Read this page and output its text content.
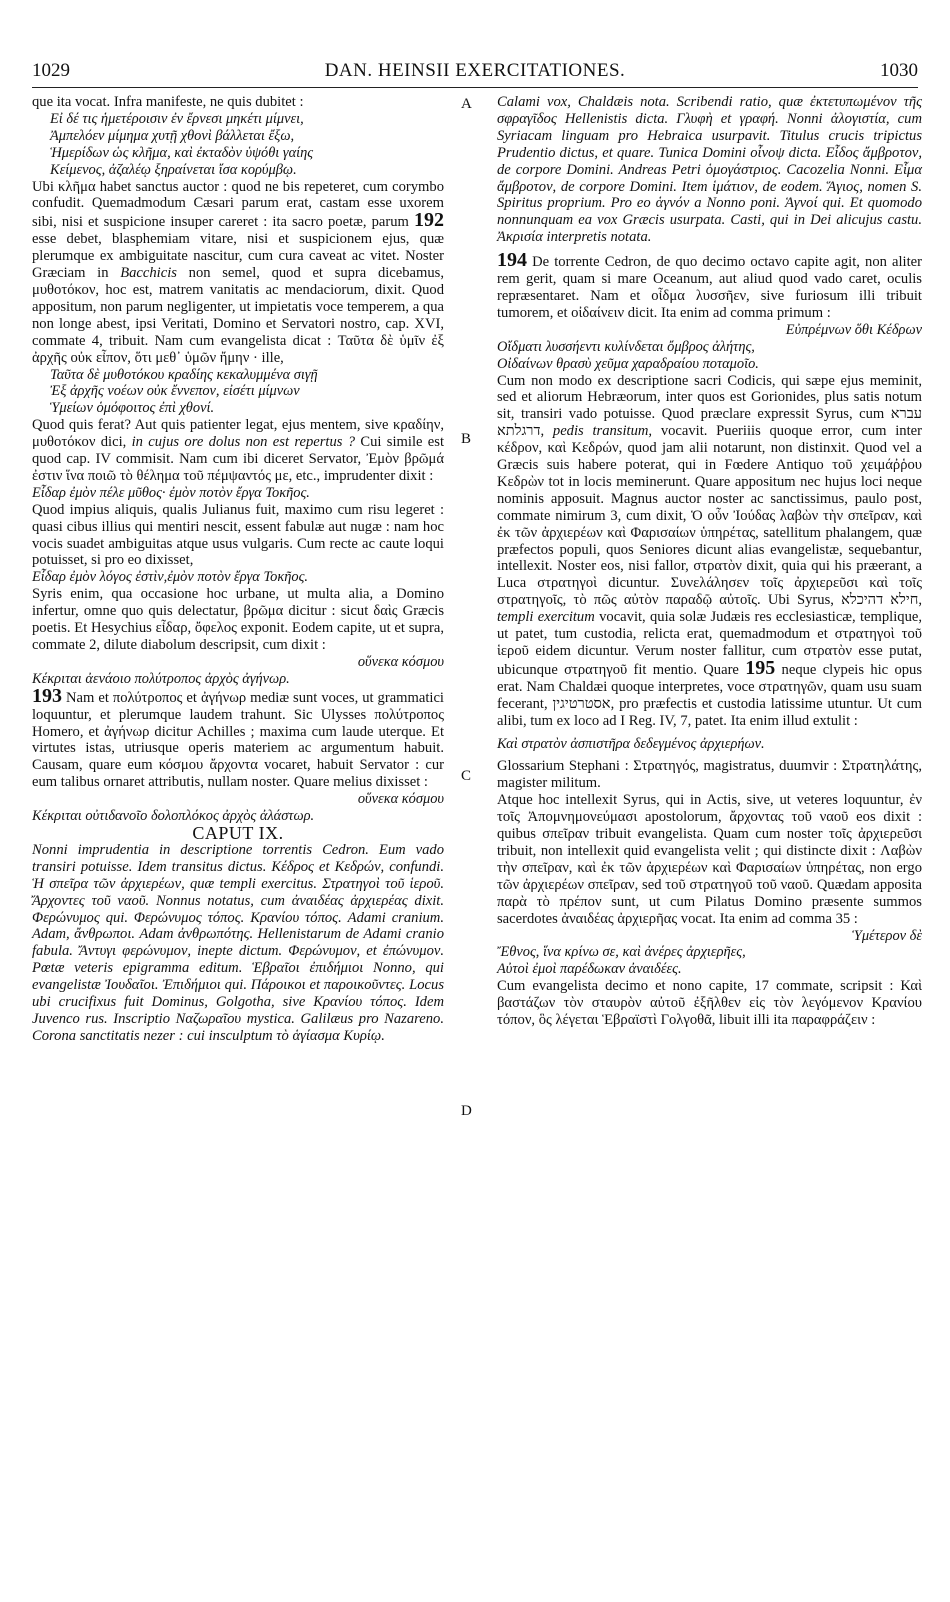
1029	DAN. HEINSII EXERCITATIONES.	1030
A
B
C
D

que ita vocat. Infra manifeste, ne quis dubitet :

Εἰ δέ τις ἡμετέροισιν ἐν ἔρνεσι μηκέτι μίμνει,

Ἀμπελόεν μίμημα χυτῇ χθονὶ βάλλεται ἔξω,

Ἡμερίδων ὡς κλῆμα, καὶ ἐκταδὸν ὑψόθι γαίης

Κείμενος, ἀζαλέῳ ξηραίνεται ἴσα κορύμβῳ.

Ubi κλῆμα habet sanctus auctor : quod ne bis repeteret, cum corymbo confudit. Quemadmodum Cæsari parum erat, castam esse uxorem sibi, nisi et suspicione insuper careret : ita sacro poetæ, parum 192 esse debet, blasphemiam vitare, nisi et suspicionem ejus, quæ plerumque ex ambiguitate nascitur, cum cura caveat ac vitet. Noster Græciam in Bacchicis non semel, quod et supra dicebamus, μυθοτόκον, hoc est, matrem vanitatis ac mendaciorum, dixit. Quod appositum, non parum negligenter, ut impietatis voce temperem, a qua non longe abest, ipsi Veritati, Domino et Servatori nostro, cap. XVI, commate 4, tribuit. Nam cum evangelista dicat : Ταῦτα δὲ ὑμῖν ἐξ ἀρχῆς οὐκ εἶπον, ὅτι μεθ᾽ ὑμῶν ἤμην · ille,

Ταῦτα δὲ μυθοτόκου κραδίης κεκαλυμμένα σιγῇ

Ἐξ ἀρχῆς νοέων οὐκ ἔννεπον, εἰσέτι μίμνων

Ὑμείων ὁμόφοιτος ἐπὶ χθονί.

Quod quis ferat? Aut quis patienter legat, ejus mentem, sive κραδίην, μυθοτόκον dici, in cujus ore dolus non est repertus ? Cui simile est quod cap. IV commisit. Nam cum ibi diceret Servator, Ἐμὸν βρῶμά ἐστιν ἵνα ποιῶ τὸ θέλημα τοῦ πέμψαντός με, etc., imprudenter dixit :

Εἶδαρ ἐμὸν πέλε μῦθος· ἐμὸν ποτὸν ἔργα Τοκῆος.

Quod impius aliquis, qualis Julianus fuit, maximo cum risu legeret : quasi cibus illius qui mentiri nescit, essent fabulæ aut nugæ : nam hoc vocis suadet ambiguitas atque usus vulgaris. Cum recte ac caute loqui potuisset, si pro eo dixisset,

Εἶδαρ ἐμὸν λόγος ἐστὶν,ἐμὸν ποτὸν ἔργα Τοκῆος.

Syris enim, qua occasione hoc urbane, ut multa alia, a Domino infertur, omne quo quis delectatur, βρῶμα dicitur : sicut δαὶς Græcis poetis. Et Hesychius εἶδαρ, ὄφελος exponit. Eodem capite, ut et supra, commate 2, dilute diabolum descripsit, cum dixit :

οὕνεκα κόσμου

Κέκριται ἀενάοιο πολύτροπος ἀρχὸς ἀγήνωρ.

193 Nam et πολύτροπος et ἀγήνωρ mediæ sunt voces, ut grammatici loquuntur, et plerumque laudem trahunt. Sic Ulysses πολύτροπος Homero, et ἀγήνωρ dicitur Achilles ; maxima cum laude uterque. Et virtutes istas, utriusque operis materiem ac argumentum habuit. Causam, quare eum κόσμου ἄρχοντα vocaret, habuit Servator : cur eum talibus ornaret attributis, nullam noster. Quare melius dixisset :

οὕνεκα κόσμου

Κέκριται οὐτιδανοῖο δολοπλόκος ἀρχὸς ἀλάστωρ.

CAPUT IX.

Nonni imprudentia in descriptione torrentis Cedron. Eum vado transiri potuisse. Idem transitus dictus. Κέδρος et Κεδρών, confundi. Ἡ σπεῖρα τῶν ἀρχιερέων, quæ templi exercitus. Στρατηγοὶ τοῦ ἱεροῦ. Ἄρχοντες τοῦ ναοῦ. Nonnus notatus, cum ἀναιδέας ἀρχιερέας dixit. Φερώνυμος qui. Φερώνυμος τόπος. Κρανίου τόπος. Adami cranium. Adam, ἄνθρωποι. Adam ἀνθρωπότης. Hellenistarum de Adami cranio fabula. Ἄντυγι φερώνυμον, inepte dictum. Φερώνυμον, et ἐπώνυμον. Pœtæ veteris epigramma editum. Ἑβραῖοι ἐπιδήμιοι Nonno, qui evangelistæ Ἰουδαῖοι. Ἐπιδήμιοι qui. Πάροικοι et παροικοῦντες. Locus ubi crucifixus fuit Dominus, Golgotha, sive Κρανίου τόπος. Idem Juvenco rus. Inscriptio Ναζωραῖου mystica. Galilæus pro Nazareno. Corona sanctitatis nezer : cui insculptum τὸ ἁγίασμα Κυρίῳ.

Calami vox, Chaldæis nota. Scribendi ratio, quæ ἐκτετυπωμένον τῆς σφραγῖδος Hellenistis dicta. Γλυφὴ et γραφή. Nonni ἀλογιστία, cum Syriacam linguam pro Hebraica usurpavit. Titulus crucis tripictus Prudentio dictus, et quare. Tunica Domini οἶνοψ dicta. Εἶδος ἄμβροτον, de corpore Domini. Andreas Petri ὁμογάστριος. Cacozelia Nonni. Εἷμα ἄμβροτον, de corpore Domini. Item ἱμάτιον, de eodem. Ἅγιος, nomen S. Spiritus proprium. Pro eo ἁγνόν a Nonno poni. Ἁγνοί qui. Et quomodo nonnunquam ea vox Græcis usurpata. Casti, qui in Dei alicujus castu. Ἀκρισία interpretis notata.

194 De torrente Cedron, de quo decimo octavo capite agit, non aliter rem gerit, quam si mare Oceanum, aut aliud quod vado caret, oculis repræsentaret. Nam et οἶδμα λυσσῆεν, sive furiosum illi tribuit tumorem, et οἰδαίνειν dicit. Ita enim ad comma primum :

Εὐπρέμνων ὅθι Κέδρων

Οἴδματι λυσσήεντι κυλίνδεται ὄμβρος ἀλήτης,

Οἰδαίνων θρασὺ χεῦμα χαραδραίου ποταμοῖο.

Cum non modo ex descriptione sacri Codicis, qui sæpe ejus meminit, sed et aliorum Hebræorum, inter quos est Gorionides, plus satis notum sit, transiri vado potuisse. Quod præclare expressit Syrus, cum עברא דרגלתא, pedis transitum, vocavit. Pueriiis quoque error, cum inter κέδρον, καὶ Κεδρών, quod jam alii notarunt, non distinxit. Quod vel a Græcis suis habere poterat, qui in Fœdere Antiquo τοῦ χειμάῤῥου Κεδρὼν tot in locis meminerunt. Quare appositum nec hujus loci neque nominis apposuit. Magnus auctor noster ac sanctissimus, paulo post, commate nimirum 3, cum dixit, Ὁ οὖν Ἰούδας λαβὼν τὴν σπεῖραν, καὶ ἐκ τῶν ἀρχιερέων καὶ Φαρισαίων ὑπηρέτας, satellitum phalangem, quæ præfectos populi, quos Seniores dicunt alias evangelistæ, sequebantur, intellexit. Noster eos, nisi fallor, στρατὸν dixit, quia qui his præerant, a Luca στρατηγοὶ dicuntur. Συνελάλησεν τοῖς ἀρχιερεῦσι καὶ τοῖς στρατηγοῖς, τὸ πῶς αὐτὸν παραδῷ αὐτοῖς. Ubi Syrus, חילא דהיכלא, templi exercitum vocavit, quia solæ Judæis res ecclesiasticæ, templique, ut patet, tum custodia, relicta erat, quemadmodum et στρατηγοὶ τοῦ ἱεροῦ eidem dicuntur. Verum noster fallitur, cum στρατὸν esse putat, ubicunque στρατηγοῦ fit mentio. Quare 195 neque clypeis hic opus erat. Nam Chaldæi quoque interpretes, voce στρατηγῶν, quam usu suam fecerant, אסטרטיגין, pro præfectis et custodia latissime utuntur. Ut cum alibi, tum ex loco ad I Reg. IV, 7, patet. Ita enim illud extulit :

Καὶ στρατὸν ἀσπιστῆρα δεδεγμένος ἀρχιερήων.

Glossarium Stephani : Στρατηγός, magistratus, duumvir : Στρατηλάτης, magister militum.

Atque hoc intellexit Syrus, qui in Actis, sive, ut veteres loquuntur, ἐν τοῖς Ἀπομνημονεύμασι apostolorum, ἄρχοντας τοῦ ναοῦ eos dixit : quibus σπεῖραν tribuit evangelista. Quam cum noster τοῖς ἀρχιερεῦσι tribuit, non intellexit quid evangelista velit ; qui distincte dixit : Λαβὼν τὴν σπεῖραν, καὶ ἐκ τῶν ἀρχιερέων καὶ Φαρισαίων ὑπηρέτας, non ergo τῶν ἀρχιερέων σπεῖραν, sed τοῦ στρατηγοῦ τοῦ ναοῦ. Quædam apposita παρὰ τὸ πρέπον sunt, ut cum Pilatus Domino præsente summos sacerdotes ἀναιδέας ἀρχιερῆας vocat. Ita enim ad comma 35 :

Ὑμέτερον δὲ

Ἔθνος, ἵνα κρίνω σε, καὶ ἀνέρες ἀρχιερῆες,

Αὐτοὶ ἐμοὶ παρέδωκαν ἀναιδέες.

Cum evangelista decimo et nono capite, 17 commate, scripsit : Καὶ βαστάζων τὸν σταυρὸν αὐτοῦ ἐξῆλθεν εἰς τὸν λεγόμενον Κρανίου τόπον, ὃς λέγεται Ἑβραϊστὶ Γολγοθᾶ, libuit illi ita παραφράζειν :
